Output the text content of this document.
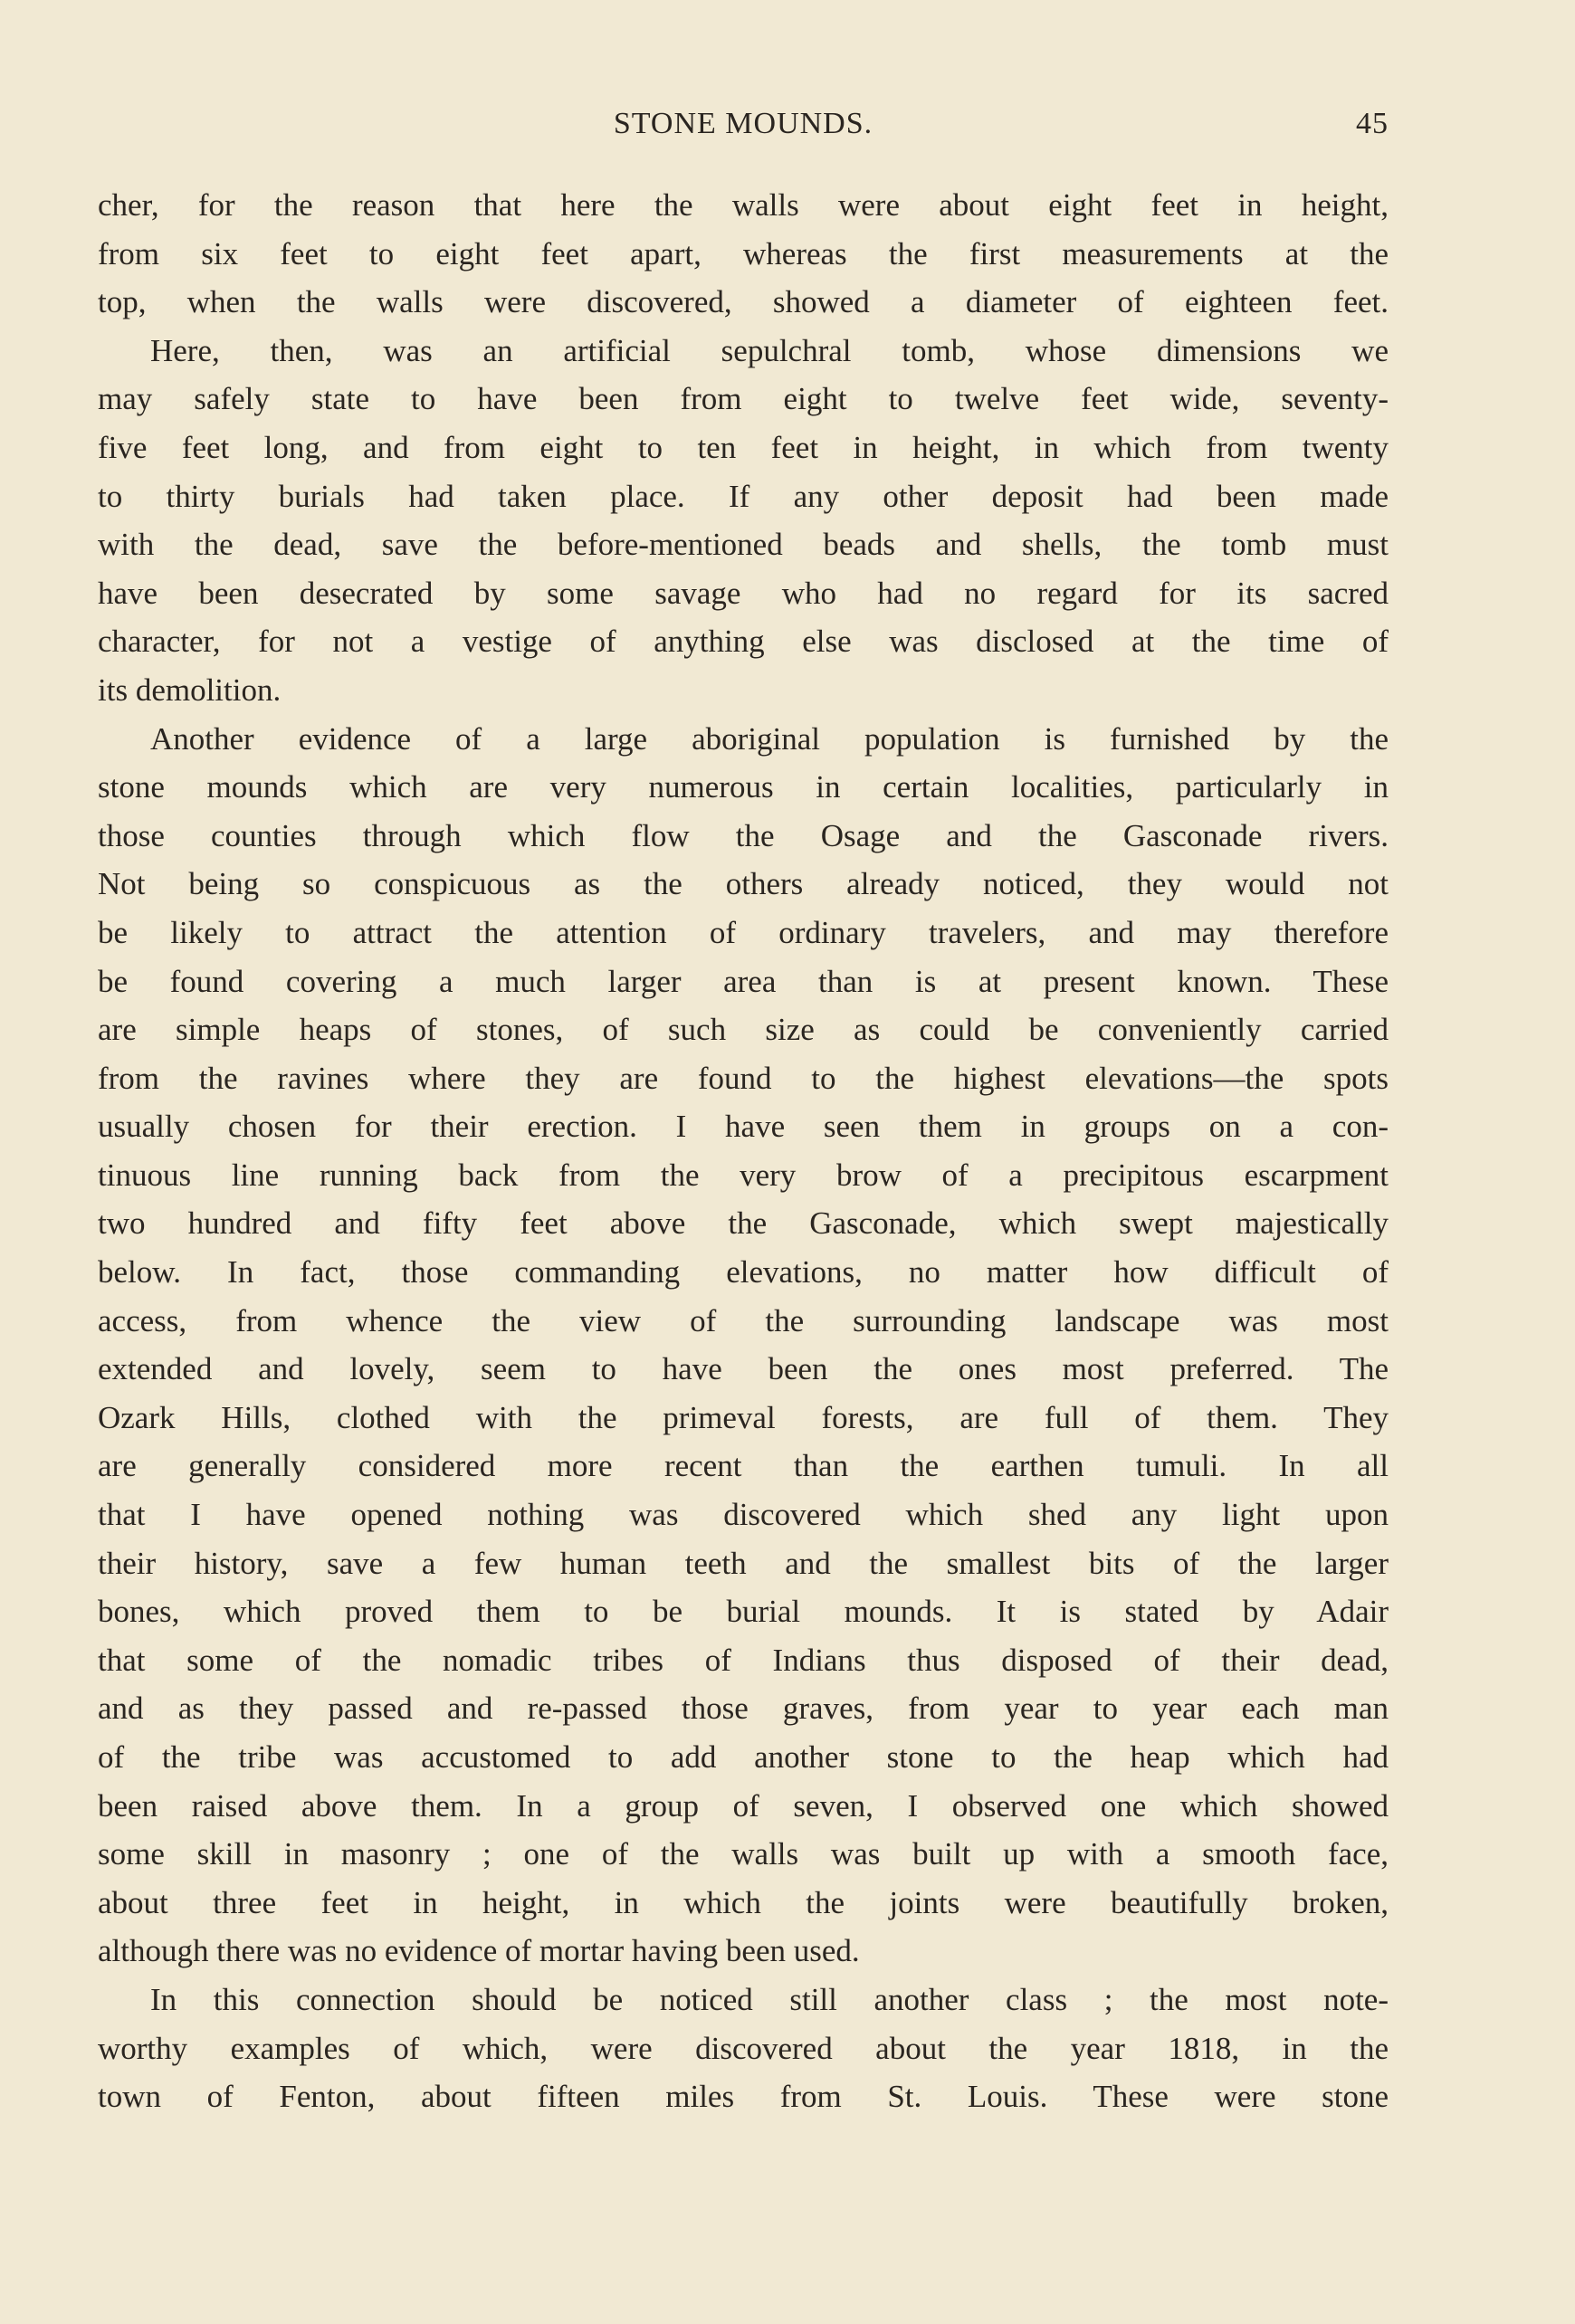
STONE MOUNDS.	45
cher, for the reason that here the walls were about eight feet in height,
from six feet to eight feet apart, whereas the first measurements at the
top, when the walls were discovered, showed a diameter of eighteen feet.
Here, then, was an artificial sepulchral tomb, whose dimensions we
may safely state to have been from eight to twelve feet wide, seventy-
five feet long, and from eight to ten feet in height, in which from twenty
to thirty burials had taken place. If any other deposit had been made
with the dead, save the before-mentioned beads and shells, the tomb must
have been desecrated by some savage who had no regard for its sacred
character, for not a vestige of anything else was disclosed at the time of
its demolition.
Another evidence of a large aboriginal population is furnished by the
stone mounds which are very numerous in certain localities, particularly in
those counties through which flow the Osage and the Gasconade rivers.
Not being so conspicuous as the others already noticed, they would not
be likely to attract the attention of ordinary travelers, and may therefore
be found covering a much larger area than is at present known. These
are simple heaps of stones, of such size as could be conveniently carried
from the ravines where they are found to the highest elevations—the spots
usually chosen for their erection. I have seen them in groups on a con-
tinuous line running back from the very brow of a precipitous escarpment
two hundred and fifty feet above the Gasconade, which swept majestically
below. In fact, those commanding elevations, no matter how difficult of
access, from whence the view of the surrounding landscape was most
extended and lovely, seem to have been the ones most preferred. The
Ozark Hills, clothed with the primeval forests, are full of them. They
are generally considered more recent than the earthen tumuli. In all
that I have opened nothing was discovered which shed any light upon
their history, save a few human teeth and the smallest bits of the larger
bones, which proved them to be burial mounds. It is stated by Adair
that some of the nomadic tribes of Indians thus disposed of their dead,
and as they passed and re-passed those graves, from year to year each man
of the tribe was accustomed to add another stone to the heap which had
been raised above them. In a group of seven, I observed one which showed
some skill in masonry ; one of the walls was built up with a smooth face,
about three feet in height, in which the joints were beautifully broken,
although there was no evidence of mortar having been used.
In this connection should be noticed still another class ; the most note-
worthy examples of which, were discovered about the year 1818, in the
town of Fenton, about fifteen miles from St. Louis. These were stone
